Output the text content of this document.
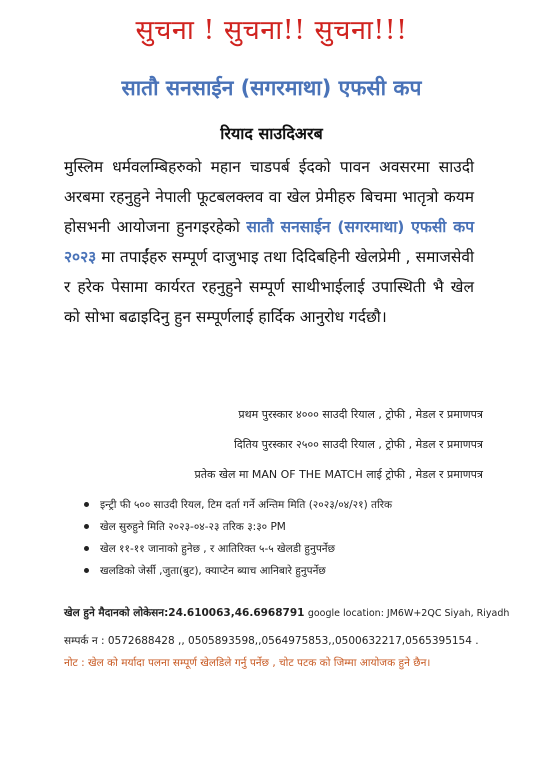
सुचना ! सुचना!! सुचना!!!
सातौ सनसाईन (सगरमाथा) एफसी कप
रियाद साउदिअरब
मुस्लिम धर्मवलम्बिहरुको महान चाडपर्ब ईदको पावन अवसरमा साउदी अरबमा रहनुहुने नेपाली फूटबलक्लव वा खेल प्रेमीहरु बिचमा भातृत्रो कयम होसभनी आयोजना हुनगइरहेको सातौ सनसाईन (सगरमाथा) एफसी कप २०२३ मा तपाईंहरु सम्पूर्ण दाजुभाइ तथा दिदिबहिनी खेलप्रेमी , समाजसेवी र हरेक पेसामा कार्यरत रहनुहुने सम्पूर्ण साथीभाईलाई उपास्थिती भै खेल को सोभा बढाइदिनु हुन सम्पूर्णलाई हार्दिक आनुरोध गर्दछौ।
प्रथम पुरस्कार ४००० साउदी रियाल , ट्रोफी , मेडल र प्रमाणपत्र
दितिय पुरस्कार २५०० साउदी रियाल , ट्रोफी , मेडल र प्रमाणपत्र
प्रतेक खेल मा MAN OF THE MATCH लाई ट्रोफी , मेडल र प्रमाणपत्र
इन्ट्री फी ५०० साउदी रियल, टिम दर्ता गर्ने अन्तिम मिति (२०२३/०४/२१) तरिक
खेल सुरुहुने मिति २०२३-०४-२३ तरिक ३:३० PM
खेल ११-११ जानाको हुनेछ , र आतिरिक्त ५-५ खेलडी हुनुपर्नेछ
खलडिको जेर्सी ,जुता(बुट), क्याप्टेन ब्याच आनिबारे हुनुपर्नेछ
खेल हुने मैदानको लोकेसन:24.610063,46.6968791 google location: JM6W+2QC Siyah, Riyadh
सम्पर्क न : 0572688428 ,, 0505893598,,0564975853,,0500632217,0565395154 .
नोट : खेल को मर्यादा पलना सम्पूर्ण खेलडिले गर्नु पर्नेछ , चोट पटक को जिम्मा आयोजक हुने छैन।
